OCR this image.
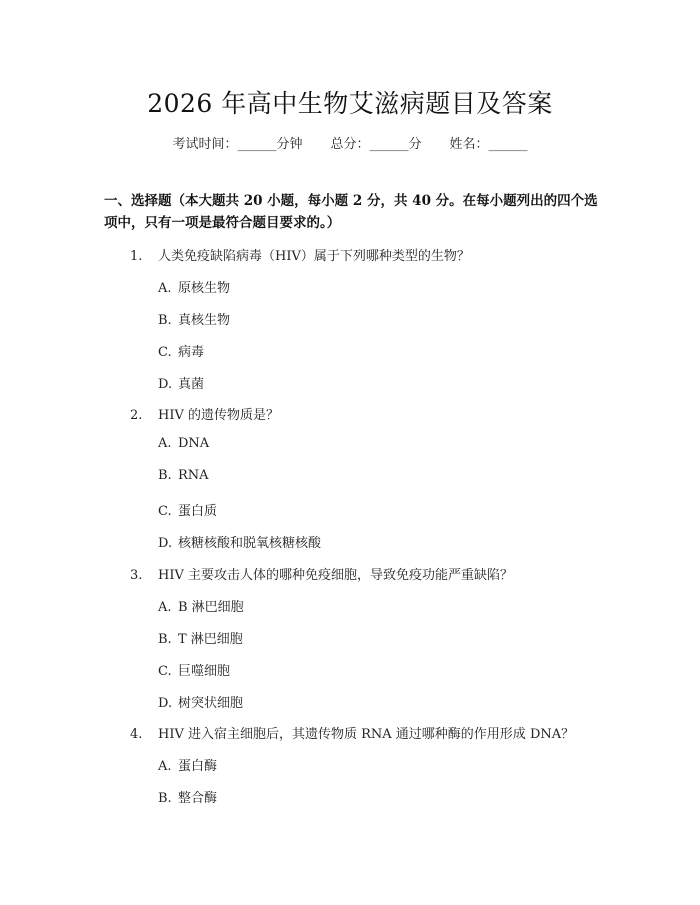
2026 年高中生物艾滋病题目及答案
考试时间：______分钟 总分：______分 姓名：______
一、选择题（本大题共 20 小题，每小题 2 分，共 40 分。在每小题列出的四个选项中，只有一项是最符合题目要求的。）
1. 人类免疫缺陷病毒（HIV）属于下列哪种类型的生物？
A. 原核生物
B. 真核生物
C. 病毒
D. 真菌
2. HIV 的遗传物质是？
A. DNA
B. RNA
C. 蛋白质
D. 核糖核酸和脱氧核糖核酸
3. HIV 主要攻击人体的哪种免疫细胞，导致免疫功能严重缺陷？
A. B 淋巴细胞
B. T 淋巴细胞
C. 巨噬细胞
D. 树突状细胞
4. HIV 进入宿主细胞后，其遗传物质 RNA 通过哪种酶的作用形成 DNA？
A. 蛋白酶
B. 整合酶
